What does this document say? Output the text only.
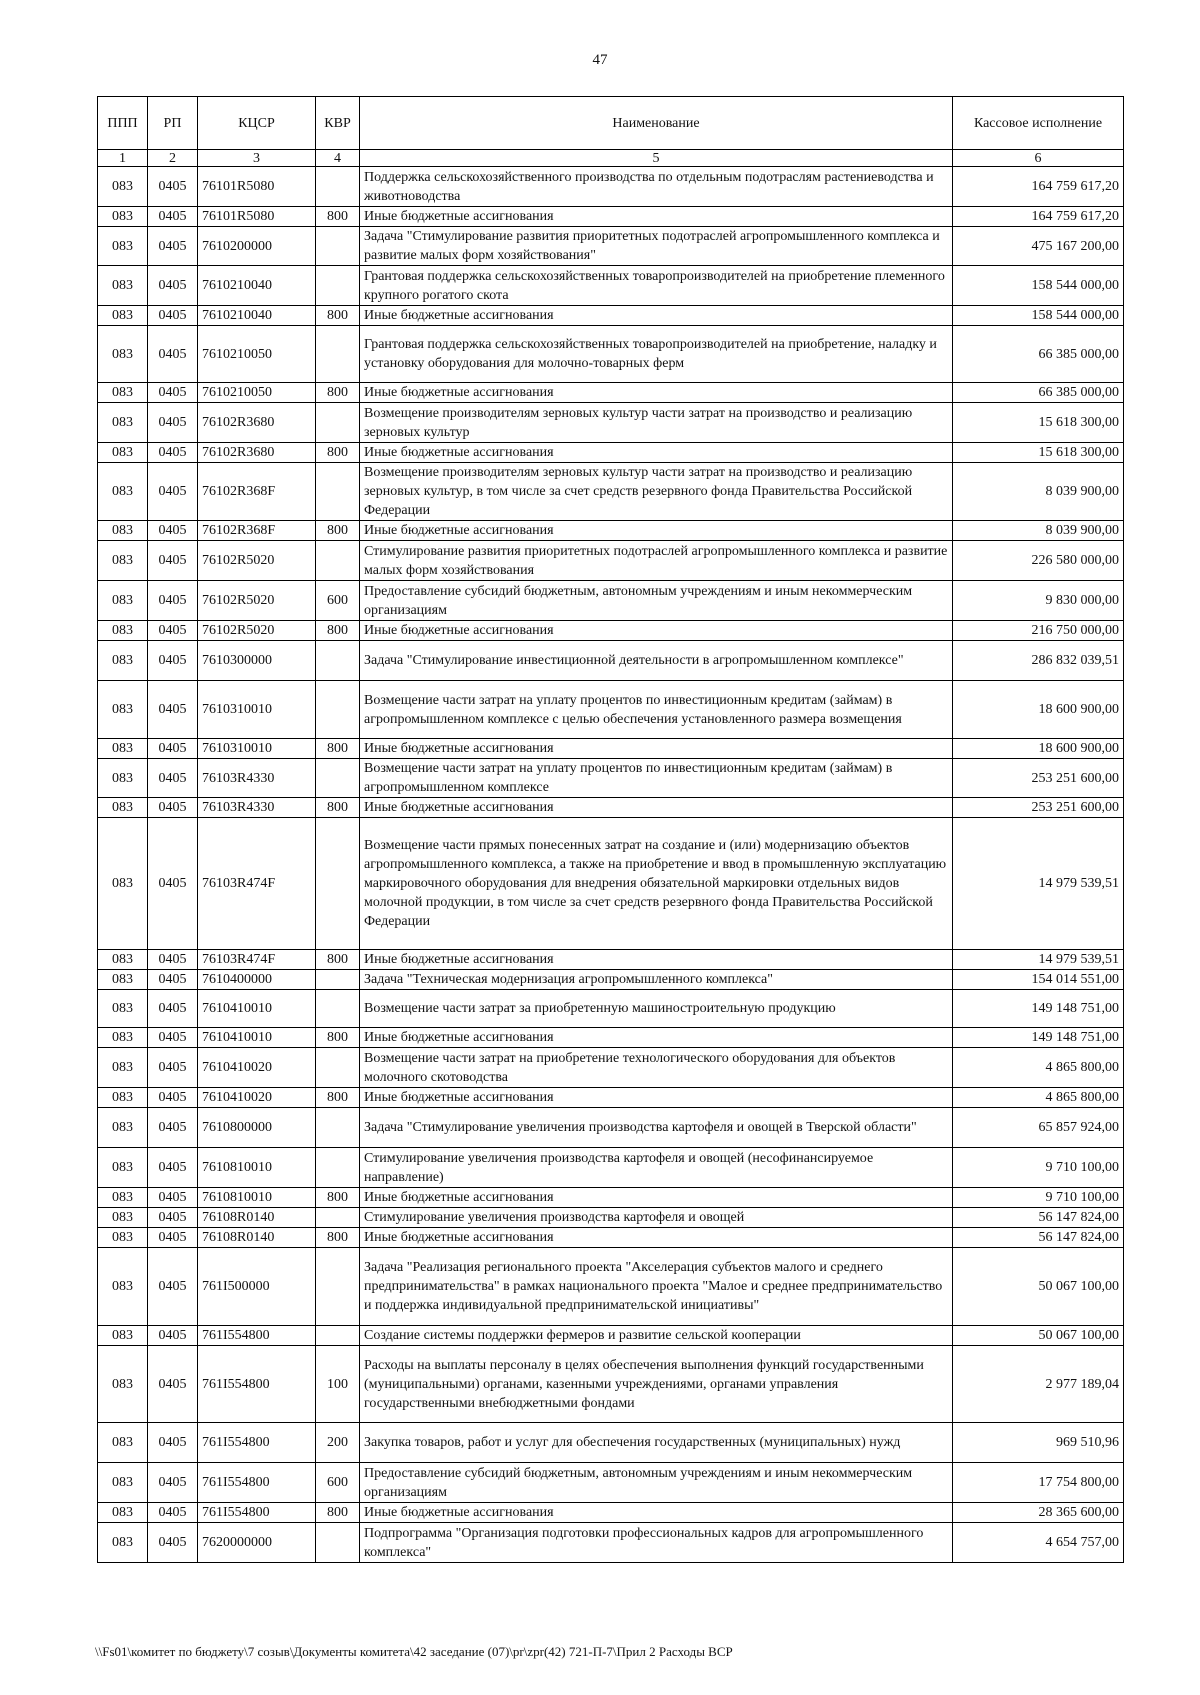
47
ППП	РП	КЦСР	КВР	Наименование	Кассовое исполнение
1	2	3	4	5	6
083	0405	76101R5080		Поддержка сельскохозяйственного производства по отдельным подотраслям растениеводства и животноводства	164 759 617,20
083	0405	76101R5080	800	Иные бюджетные ассигнования	164 759 617,20
083	0405	7610200000		Задача "Стимулирование развития приоритетных подотраслей агропромышленного комплекса и развитие малых форм хозяйствования"	475 167 200,00
083	0405	7610210040		Грантовая поддержка сельскохозяйственных товаропроизводителей на приобретение племенного крупного рогатого скота	158 544 000,00
083	0405	7610210040	800	Иные бюджетные ассигнования	158 544 000,00
083	0405	7610210050		Грантовая поддержка сельскохозяйственных товаропроизводителей на приобретение, наладку и установку оборудования для молочно-товарных ферм	66 385 000,00
083	0405	7610210050	800	Иные бюджетные ассигнования	66 385 000,00
083	0405	76102R3680		Возмещение производителям зерновых культур части затрат на производство и реализацию зерновых культур	15 618 300,00
083	0405	76102R3680	800	Иные бюджетные ассигнования	15 618 300,00
083	0405	76102R368F		Возмещение производителям зерновых культур части затрат на производство и реализацию зерновых культур, в том числе за счет средств резервного фонда Правительства Российской Федерации	8 039 900,00
083	0405	76102R368F	800	Иные бюджетные ассигнования	8 039 900,00
083	0405	76102R5020		Стимулирование развития приоритетных подотраслей агропромышленного комплекса и развитие малых форм хозяйствования	226 580 000,00
083	0405	76102R5020	600	Предоставление субсидий бюджетным, автономным учреждениям и иным некоммерческим организациям	9 830 000,00
083	0405	76102R5020	800	Иные бюджетные ассигнования	216 750 000,00
083	0405	7610300000		Задача "Стимулирование инвестиционной деятельности в агропромышленном комплексе"	286 832 039,51
083	0405	7610310010		Возмещение части затрат на уплату процентов по инвестиционным кредитам (займам) в агропромышленном комплексе с целью обеспечения установленного размера возмещения	18 600 900,00
083	0405	7610310010	800	Иные бюджетные ассигнования	18 600 900,00
083	0405	76103R4330		Возмещение части затрат на уплату процентов по инвестиционным кредитам (займам) в агропромышленном комплексе	253 251 600,00
083	0405	76103R4330	800	Иные бюджетные ассигнования	253 251 600,00
083	0405	76103R474F		Возмещение части прямых понесенных затрат на создание и (или) модернизацию объектов агропромышленного комплекса, а также на приобретение и ввод в промышленную эксплуатацию маркировочного оборудования для внедрения обязательной маркировки отдельных видов молочной продукции, в том числе за счет средств резервного фонда Правительства Российской Федерации	14 979 539,51
083	0405	76103R474F	800	Иные бюджетные ассигнования	14 979 539,51
083	0405	7610400000		Задача "Техническая модернизация агропромышленного комплекса"	154 014 551,00
083	0405	7610410010		Возмещение части затрат за приобретенную машиностроительную продукцию	149 148 751,00
083	0405	7610410010	800	Иные бюджетные ассигнования	149 148 751,00
083	0405	7610410020		Возмещение части затрат на приобретение технологического оборудования для объектов молочного скотоводства	4 865 800,00
083	0405	7610410020	800	Иные бюджетные ассигнования	4 865 800,00
083	0405	7610800000		Задача "Стимулирование увеличения производства картофеля и овощей в Тверской области"	65 857 924,00
083	0405	7610810010		Стимулирование увеличения производства картофеля и овощей (несофинансируемое направление)	9 710 100,00
083	0405	7610810010	800	Иные бюджетные ассигнования	9 710 100,00
083	0405	76108R0140		Стимулирование увеличения производства картофеля и овощей	56 147 824,00
083	0405	76108R0140	800	Иные бюджетные ассигнования	56 147 824,00
083	0405	761I500000		Задача "Реализация регионального проекта "Акселерация субъектов малого и среднего предпринимательства" в рамках национального проекта "Малое и среднее предпринимательство и поддержка индивидуальной предпринимательской инициативы"	50 067 100,00
083	0405	761I554800		Создание системы поддержки фермеров и развитие сельской кооперации	50 067 100,00
083	0405	761I554800	100	Расходы на выплаты персоналу в целях обеспечения выполнения функций государственными (муниципальными) органами, казенными учреждениями, органами управления государственными внебюджетными фондами	2 977 189,04
083	0405	761I554800	200	Закупка товаров, работ и услуг для обеспечения государственных (муниципальных) нужд	969 510,96
083	0405	761I554800	600	Предоставление субсидий бюджетным, автономным учреждениям и иным некоммерческим организациям	17 754 800,00
083	0405	761I554800	800	Иные бюджетные ассигнования	28 365 600,00
083	0405	7620000000		Подпрограмма "Организация подготовки профессиональных кадров для агропромышленного комплекса"	4 654 757,00
\\Fs01\комитет по бюджету\7 созыв\Документы комитета\42 заседание (07)\pr\zpr(42) 721-П-7\Прил 2 Расходы ВСР
